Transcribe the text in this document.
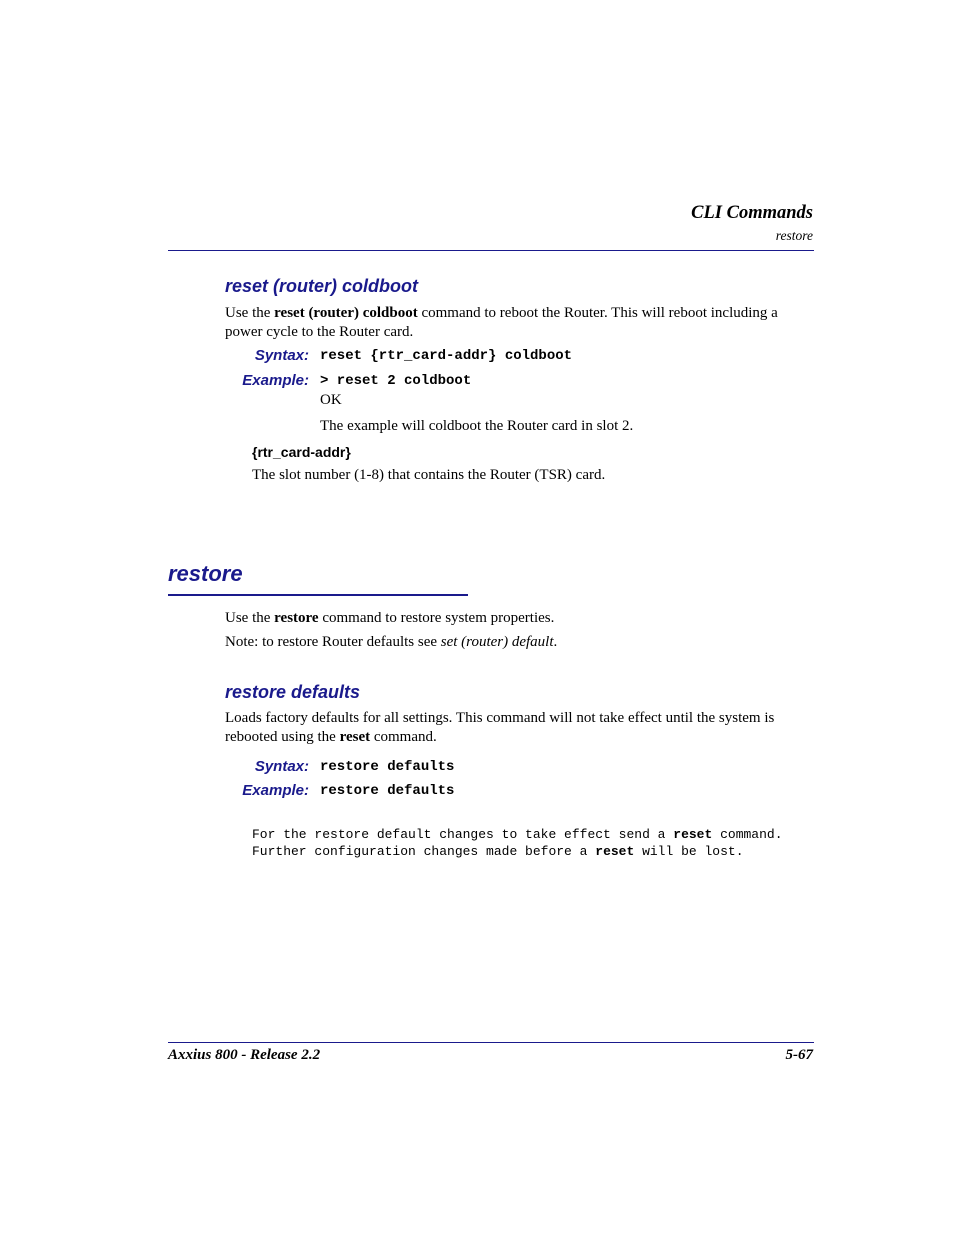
CLI Commands
restore
reset (router) coldboot
Use the reset (router) coldboot command to reboot the Router. This will reboot including a
power cycle to the Router card.
Syntax: reset {rtr_card-addr} coldboot
Example: > reset 2 coldboot
OK
The example will coldboot the Router card in slot 2.
{rtr_card-addr}
The slot number (1-8) that contains the Router (TSR) card.
restore
Use the restore command to restore system properties.
Note: to restore Router defaults see set (router) default.
restore defaults
Loads factory defaults for all settings. This command will not take effect until the system is
rebooted using the reset command.
Syntax: restore defaults
Example: restore defaults
For the restore default changes to take effect send a reset command.
Further configuration changes made before a reset will be lost.
Axxius 800 - Release 2.2	5-67
